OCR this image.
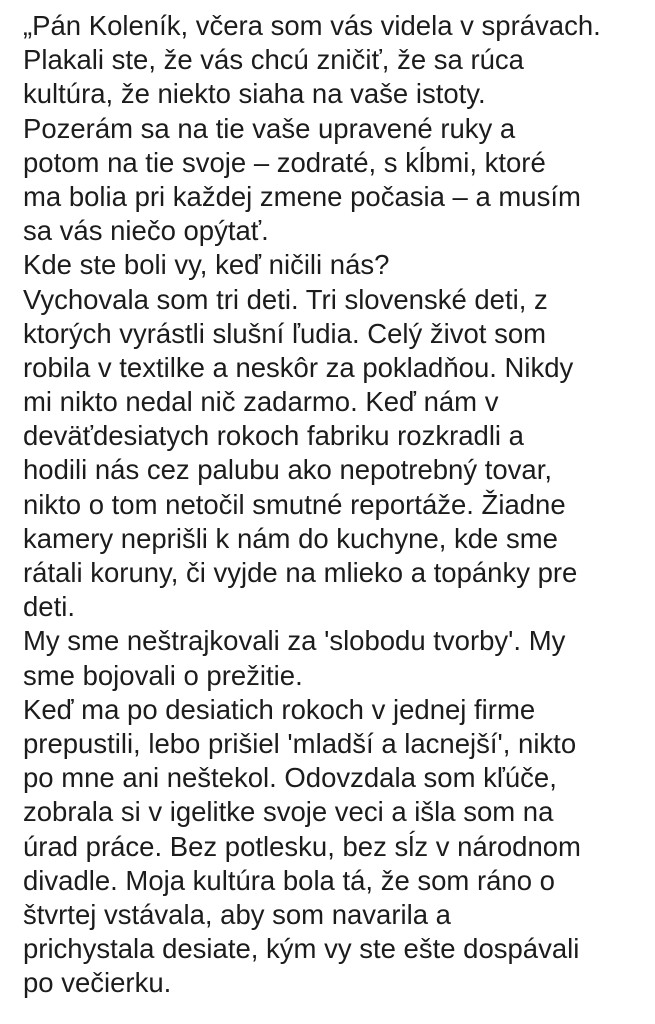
„Pán Koleník, včera som vás videla v správach.
Plakali ste, že vás chcú zničiť, že sa rúca
kultúra, že niekto siaha na vaše istoty.
Pozerám sa na tie vaše upravené ruky a
potom na tie svoje – zodraté, s kĺbmi, ktoré
ma bolia pri každej zmene počasia – a musím
sa vás niečo opýtať.
Kde ste boli vy, keď ničili nás?
Vychovala som tri deti. Tri slovenské deti, z
ktorých vyrástli slušní ľudia. Celý život som
robila v textilke a neskôr za pokladňou. Nikdy
mi nikto nedal nič zadarmo. Keď nám v
deväťdesiatych rokoch fabriku rozkradli a
hodili nás cez palubu ako nepotrebný tovar,
nikto o tom netočil smutné reportáže. Žiadne
kamery neprišli k nám do kuchyne, kde sme
rátali koruny, či vyjde na mlieko a topánky pre
deti.
My sme neštrajkovali za 'slobodu tvorby'. My
sme bojovali o prežitie.
Keď ma po desiatich rokoch v jednej firme
prepustili, lebo prišiel 'mladší a lacnejší', nikto
po mne ani neštekol. Odovzdala som kľúče,
zobrala si v igelitke svoje veci a išla som na
úrad práce. Bez potlesku, bez sĺz v národnom
divadle. Moja kultúra bola tá, že som ráno o
štvrtej vstávala, aby som navarila a
prichystala desiate, kým vy ste ešte dospávali
po večierku.
